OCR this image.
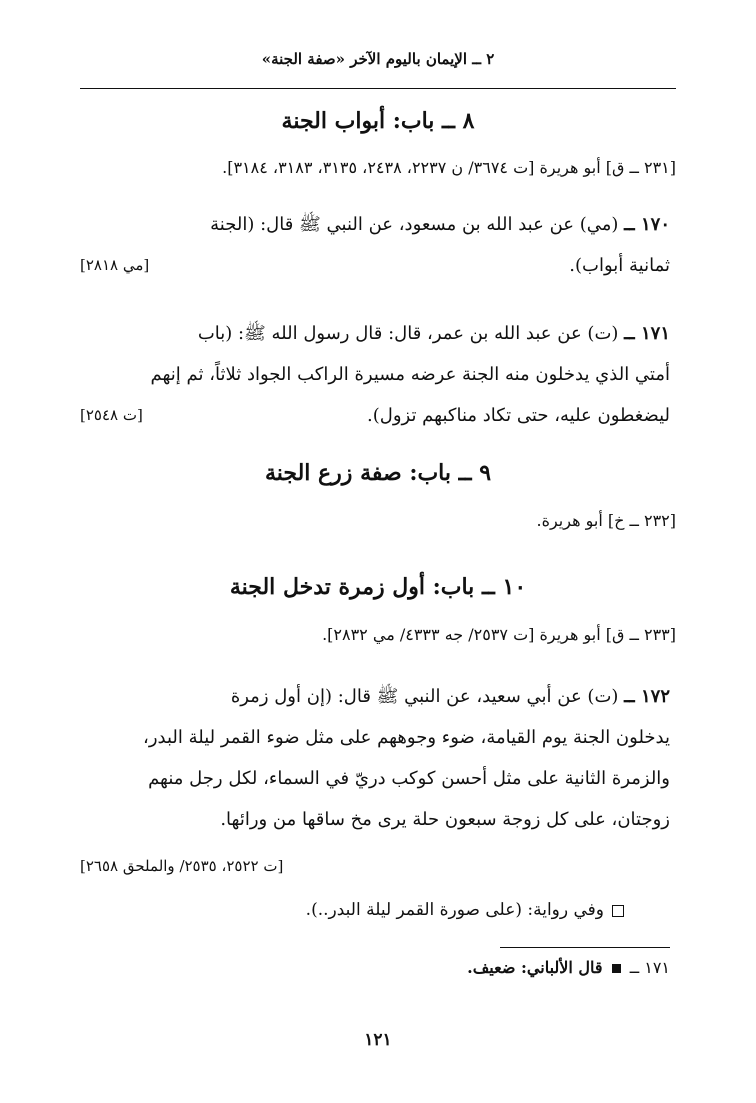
٢ ــ الإيمان باليوم الآخر «صفة الجنة»
٨ ــ باب: أبواب الجنة
[٢٣١ ــ ق] أبو هريرة [ت ٣٦٧٤/ ن ٢٢٣٧، ٢٤٣٨، ٣١٣٥، ٣١٨٣، ٣١٨٤].
١٧٠ ــ (مي) عن عبد الله بن مسعود، عن النبي ﷺ قال: (الجنة
ثمانية أبواب).
[مي ٢٨١٨]
١٧١ ــ (ت) عن عبد الله بن عمر، قال: قال رسول الله ﷺ: (باب
أمتي الذي يدخلون منه الجنة عرضه مسيرة الراكب الجواد ثلاثاً، ثم إنهم
ليضغطون عليه، حتى تكاد مناكبهم تزول).
[ت ٢٥٤٨]
٩ ــ باب: صفة زرع الجنة
[٢٣٢ ــ خ] أبو هريرة.
١٠ ــ باب: أول زمرة تدخل الجنة
[٢٣٣ ــ ق] أبو هريرة [ت ٢٥٣٧/ جه ٤٣٣٣/ مي ٢٨٣٢].
١٧٢ ــ (ت) عن أبي سعيد، عن النبي ﷺ قال: (إن أول زمرة
يدخلون الجنة يوم القيامة، ضوء وجوههم على مثل ضوء القمر ليلة البدر،
والزمرة الثانية على مثل أحسن كوكب دريّ في السماء، لكل رجل منهم
زوجتان، على كل زوجة سبعون حلة يرى مخ ساقها من ورائها.
[ت ٢٥٢٢، ٢٥٣٥/ والملحق ٢٦٥٨]
وفي رواية: (على صورة القمر ليلة البدر..).
١٧١ ــ  قال الألباني: ضعيف.
١٢١
